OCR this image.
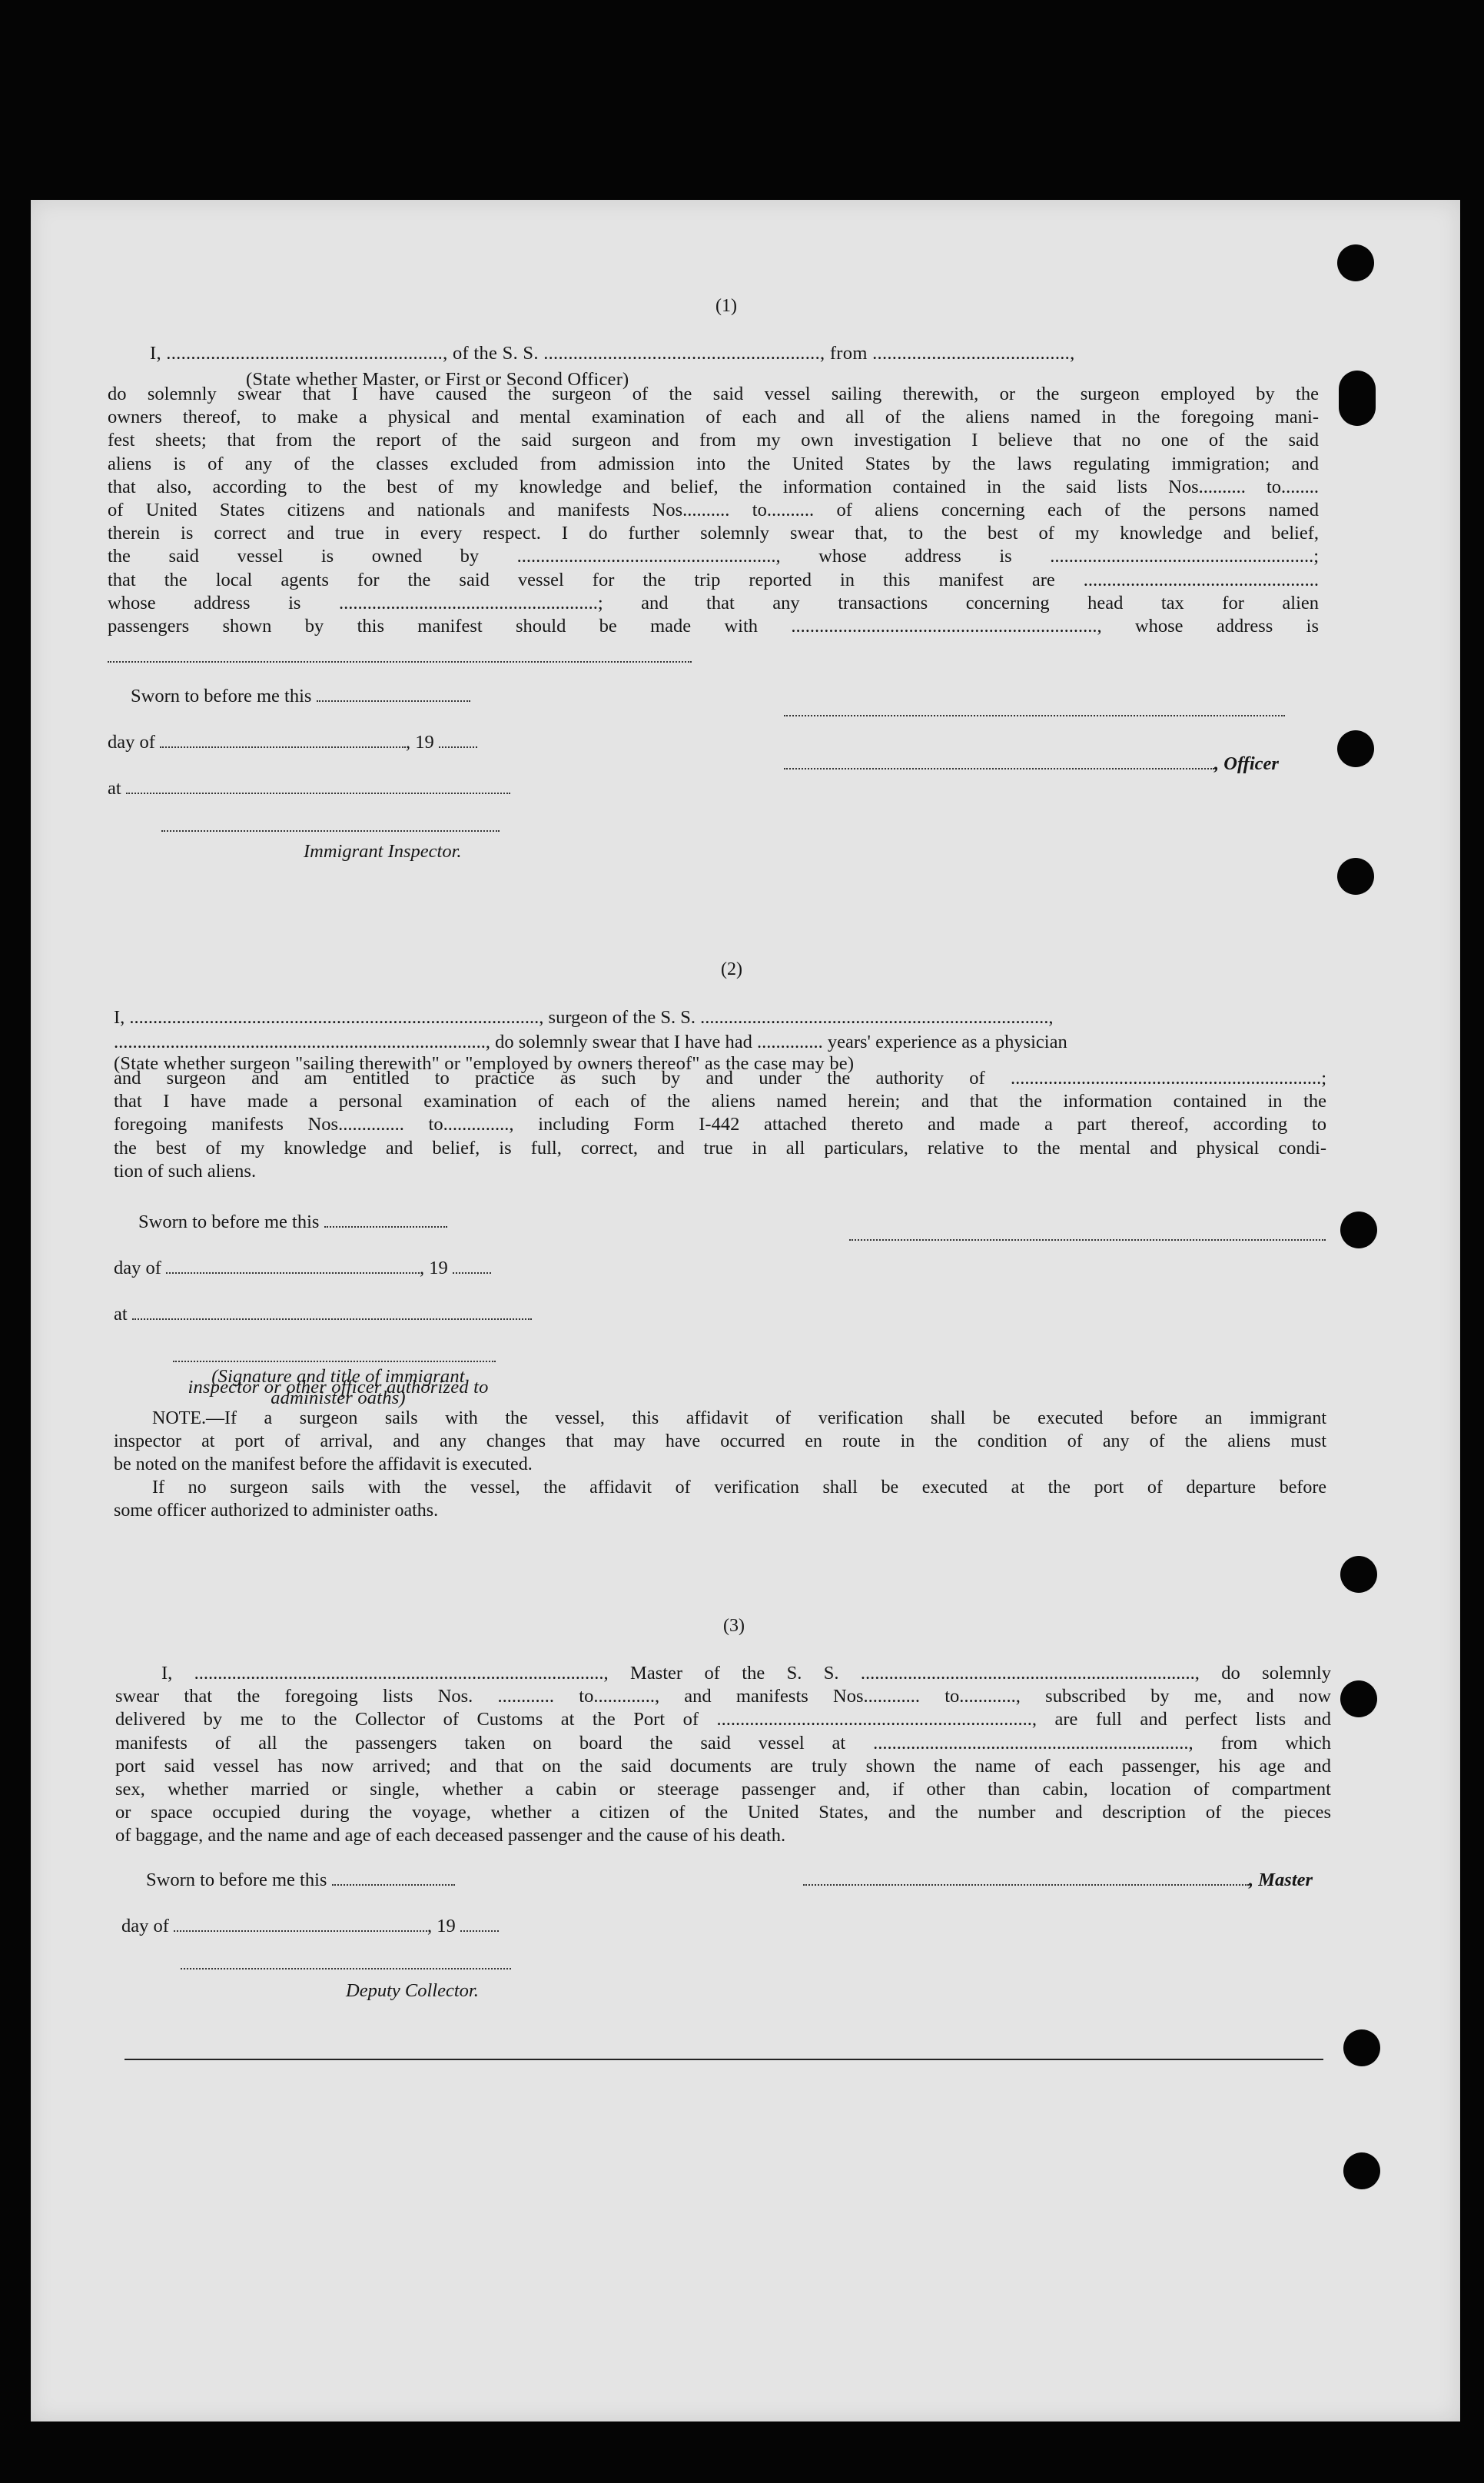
(1)
I, ........................................................, of the S. S. ........................................................, from ........................................,
(State whether Master, or First or Second Officer)
do solemnly swear that I have caused the surgeon of the said vessel sailing therewith, or the surgeon employed by the
owners thereof, to make a physical and mental examination of each and all of the aliens named in the foregoing mani-
fest sheets; that from the report of the said surgeon and from my own investigation I believe that no one of the said
aliens is of any of the classes excluded from admission into the United States by the laws regulating immigration; and
that also, according to the best of my knowledge and belief, the information contained in the said lists Nos.......... to........
of United States citizens and nationals and manifests Nos.......... to.......... of aliens concerning each of the persons named
therein is correct and true in every respect. I do further solemnly swear that, to the best of my knowledge and belief,
the said vessel is owned by ......................................................., whose address is ........................................................;
that the local agents for the said vessel for the trip reported in this manifest are ..................................................
whose address is .......................................................; and that any transactions concerning head tax for alien
passengers shown by this manifest should be made with ................................................................., whose address is
Sworn to before me this
day of	, 19
, Officer
at
Immigrant Inspector.
(2)
I, ......................................................................................., surgeon of the S. S. ..........................................................................,
..............................................................................., do solemnly swear that I have had .............. years' experience as a physician
(State whether surgeon "sailing therewith" or "employed by owners thereof" as the case may be)
and surgeon and am entitled to practice as such by and under the authority of ..................................................................;
that I have made a personal examination of each of the aliens named herein; and that the information contained in the
foregoing manifests Nos.............. to.............., including Form I-442 attached thereto and made a part thereof, according to
the best of my knowledge and belief, is full, correct, and true in all particulars, relative to the mental and physical condi-
tion of such aliens.
Sworn to before me this
day of	, 19
at
(Signature and title of immigrant inspector or other officer authorized to administer oaths)
NOTE.—If a surgeon sails with the vessel, this affidavit of verification shall be executed before an immigrant
inspector at port of arrival, and any changes that may have occurred en route in the condition of any of the aliens must
be noted on the manifest before the affidavit is executed.
If no surgeon sails with the vessel, the affidavit of verification shall be executed at the port of departure before
some officer authorized to administer oaths.
(3)
I, ......................................................................................., Master of the S. S. ......................................................................., do solemnly
swear that the foregoing lists Nos. ............ to............., and manifests Nos............ to............, subscribed by me, and now
delivered by me to the Collector of Customs at the Port of ..................................................................., are full and perfect lists and
manifests of all the passengers taken on board the said vessel at ..................................................................., from which
port said vessel has now arrived; and that on the said documents are truly shown the name of each passenger, his age and
sex, whether married or single, whether a cabin or steerage passenger and, if other than cabin, location of compartment
or space occupied during the voyage, whether a citizen of the United States, and the number and description of the pieces
of baggage, and the name and age of each deceased passenger and the cause of his death.
Sworn to before me this	, Master
day of	, 19
Deputy Collector.
